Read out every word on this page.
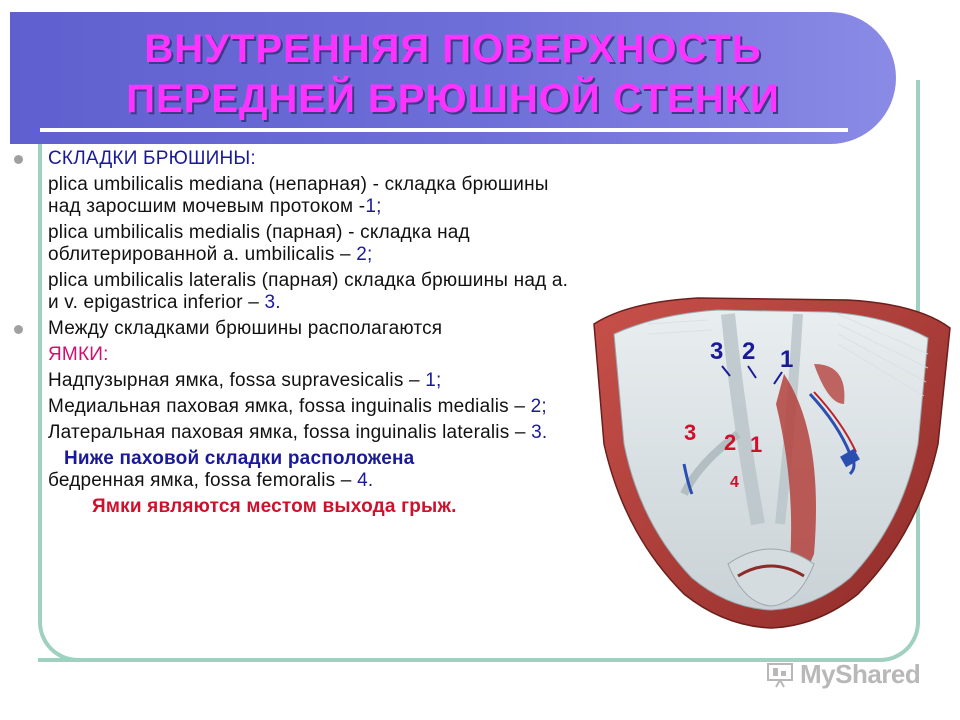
ВНУТРЕННЯЯ ПОВЕРХНОСТЬ
ПЕРЕДНЕЙ БРЮШНОЙ СТЕНКИ
СКЛАДКИ БРЮШИНЫ:
plica umbilicalis mediana (непарная) - складка брюшины над заросшим мочевым протоком -1;
plica umbilicalis medialis (парная) - складка над облитерированной а. umbilicalis – 2;
plica umbilicalis lateralis (парная) складка брюшины над а. и v. epigastrica inferior – 3.
Между складками брюшины располагаются
ЯМКИ:
Надпузырная ямка, fossa supravesicalis – 1;
Медиальная паховая ямка, fossa inguinalis medialis – 2;
Латеральная паховая ямка, fossa inguinalis lateralis – 3.
Ниже паховой складки расположена
бедренная ямка, fossa femoralis – 4.
Ямки являются местом выхода грыж.
3 2 1
3 2 1
4
MyShared
